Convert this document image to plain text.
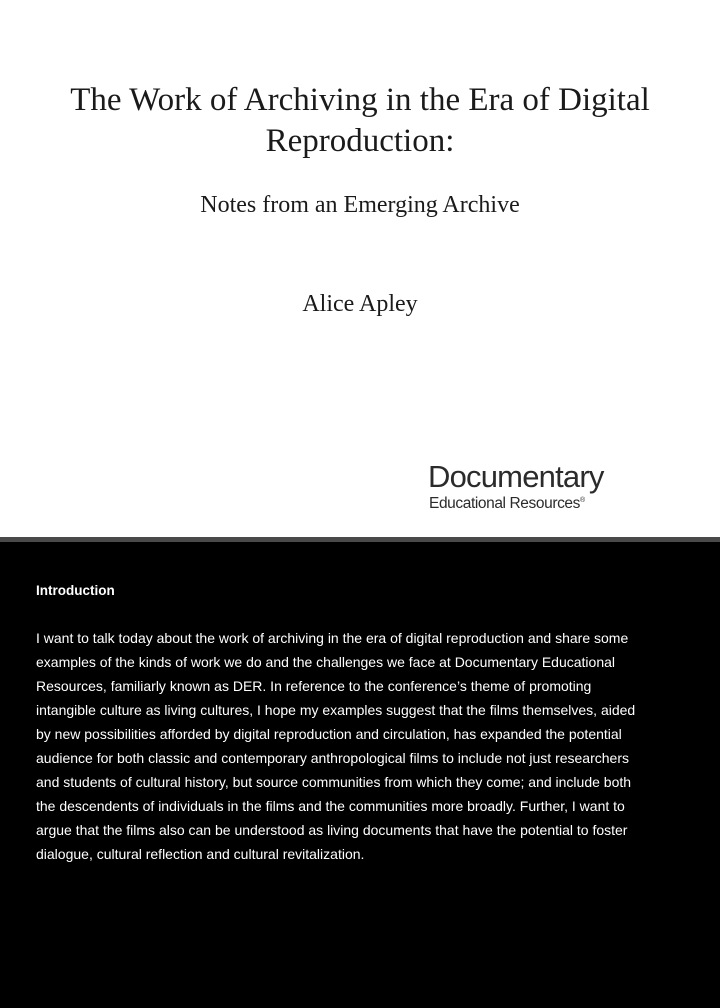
The Work of Archiving in the Era of Digital
Reproduction:
Notes from an Emerging Archive
Alice Apley
Documentary
Educational Resources®
Introduction

I want to talk today about the work of archiving in the era of digital reproduction and share some
examples of the kinds of work we do and the challenges we face at Documentary Educational
Resources, familiarly known as DER. In reference to the conference’s theme of promoting
intangible culture as living cultures, I hope my examples suggest that the films themselves, aided
by new possibilities afforded by digital reproduction and circulation, has expanded the potential
audience for both classic and contemporary anthropological films to include not just researchers
and students of cultural history, but source communities from which they come; and include both
the descendents of individuals in the films and the communities more broadly. Further, I want to
argue that the films also can be understood as living documents that have the potential to foster
dialogue, cultural reflection and cultural revitalization.
